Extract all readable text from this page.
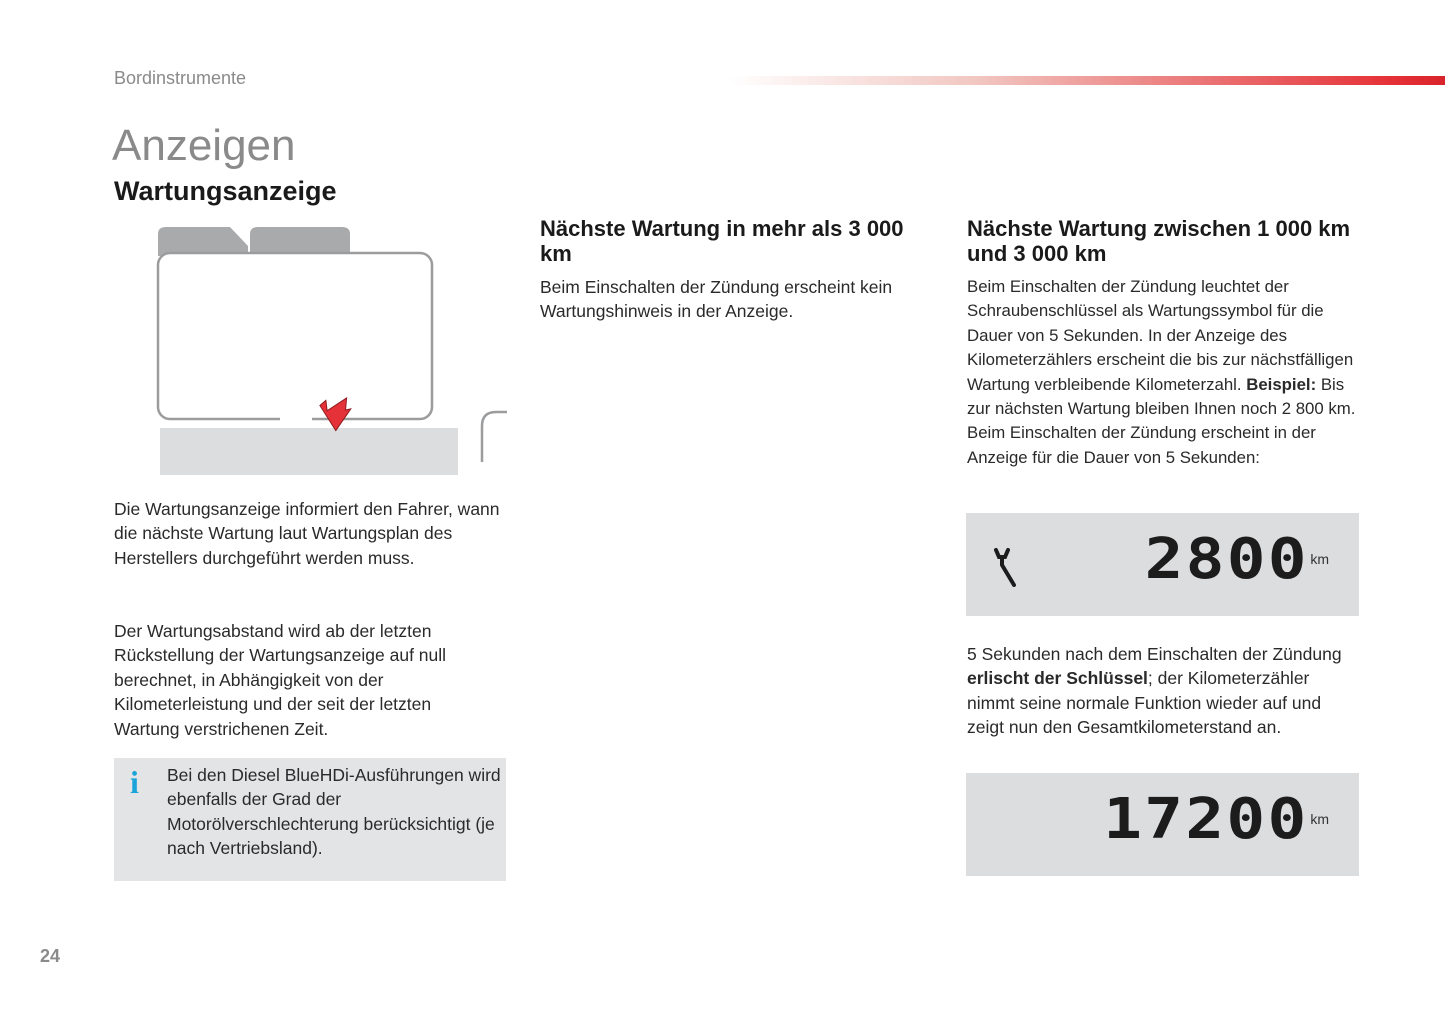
Bordinstrumente
Anzeigen
Wartungsanzeige
Die Wartungsanzeige informiert den Fahrer, wann die nächste Wartung laut Wartungsplan des Herstellers durchgeführt werden muss.
Der Wartungsabstand wird ab der letzten Rückstellung der Wartungsanzeige auf null berechnet, in Abhängigkeit von der Kilometerleistung und der seit der letzten Wartung verstrichenen Zeit.
i Bei den Diesel BlueHDi-Ausführungen wird ebenfalls der Grad der Motorölverschlechterung berücksichtigt (je nach Vertriebsland).
Nächste Wartung in mehr als 3 000 km
Beim Einschalten der Zündung erscheint kein Wartungshinweis in der Anzeige.
Nächste Wartung zwischen 1 000 km und 3 000 km
Beim Einschalten der Zündung leuchtet der Schraubenschlüssel als Wartungssymbol für die Dauer von 5 Sekunden. In der Anzeige des Kilometerzählers erscheint die bis zur nächstfälligen Wartung verbleibende Kilometerzahl. Beispiel: Bis zur nächsten Wartung bleiben Ihnen noch 2 800 km. Beim Einschalten der Zündung erscheint in der Anzeige für die Dauer von 5 Sekunden:
2800 km
5 Sekunden nach dem Einschalten der Zündung erlischt der Schlüssel; der Kilometerzähler nimmt seine normale Funktion wieder auf und zeigt nun den Gesamtkilometerstand an.
17200 km
24
